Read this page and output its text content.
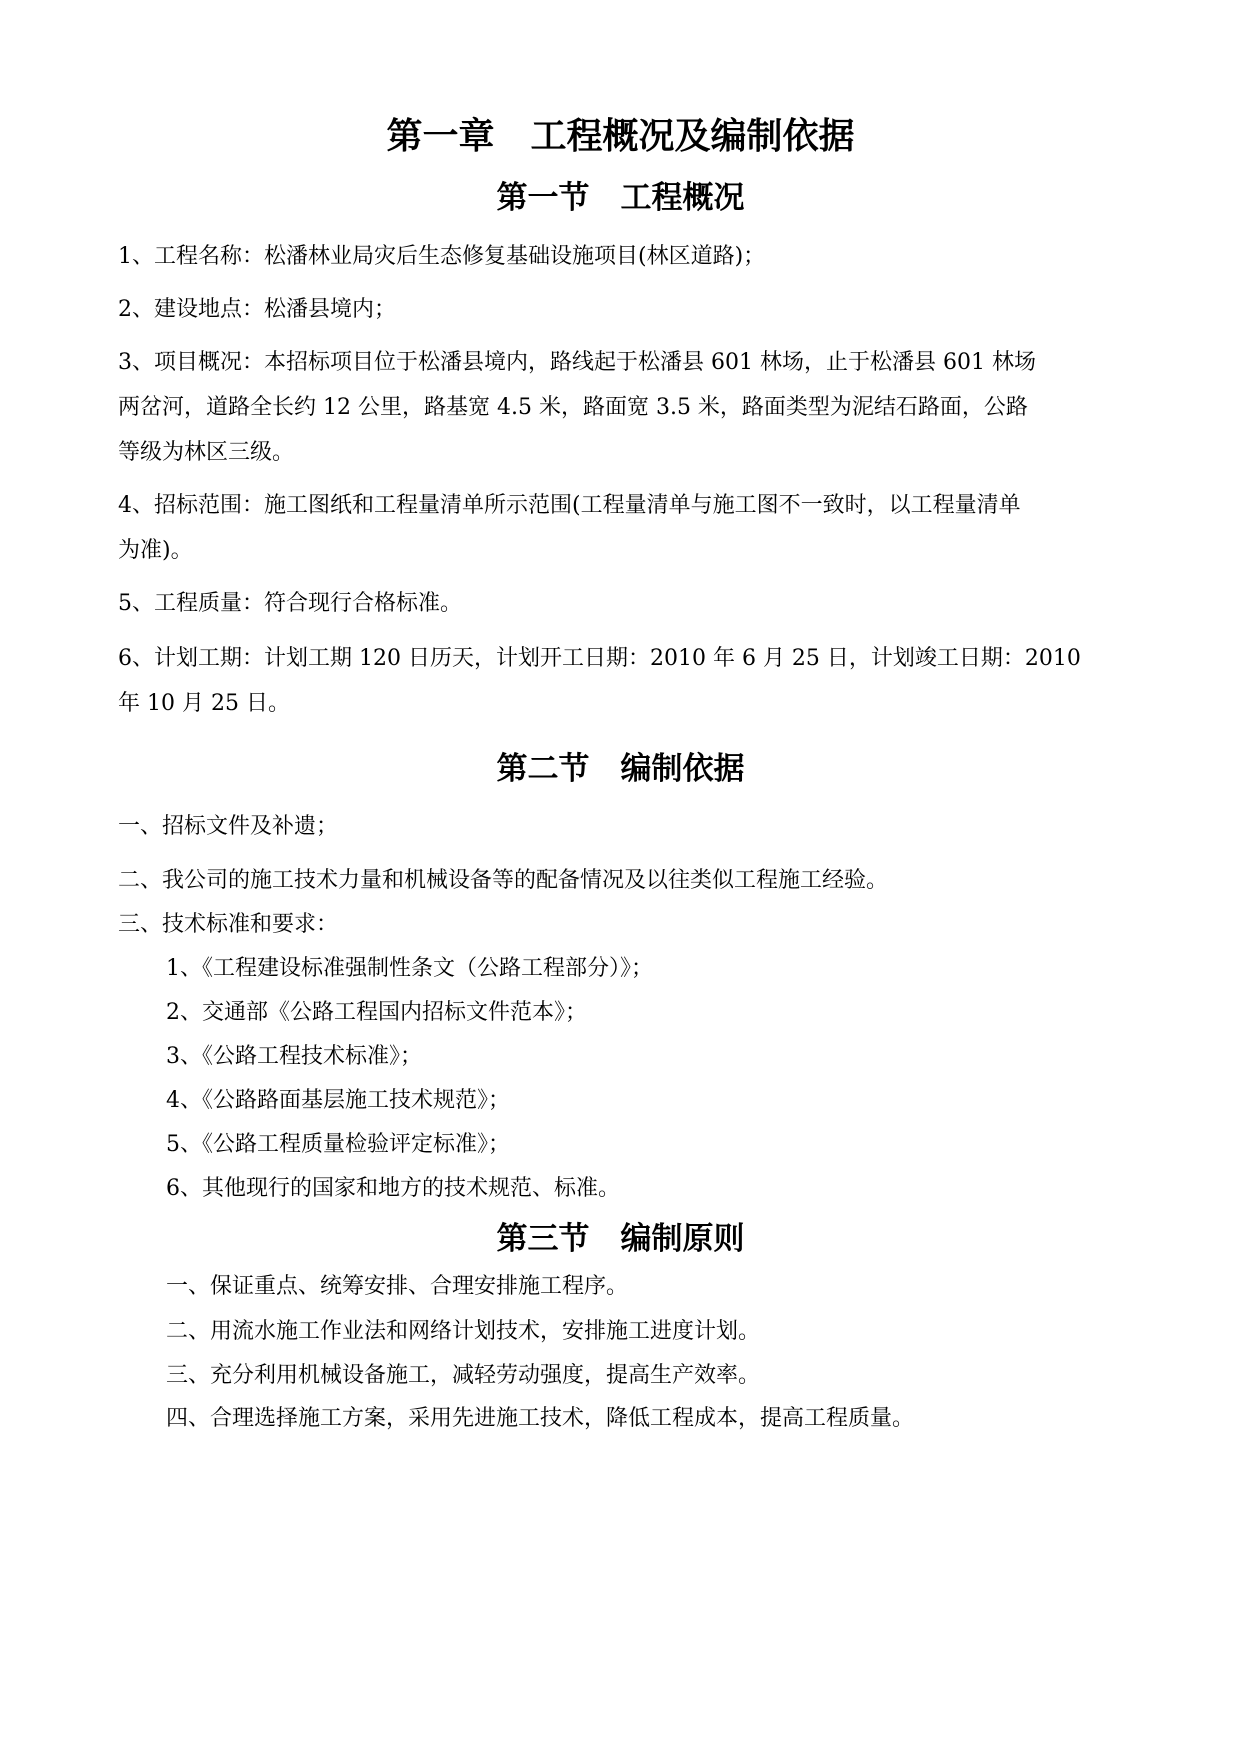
第一章　工程概况及编制依据
第一节　工程概况

1、工程名称：松潘林业局灾后生态修复基础设施项目(林区道路)；

2、建设地点：松潘县境内；

3、项目概况：本招标项目位于松潘县境内，路线起于松潘县 601 林场，止于松潘县 601 林场

两岔河，道路全长约 12 公里，路基宽 4.5 米，路面宽 3.5 米，路面类型为泥结石路面，公路

等级为林区三级。

4、招标范围：施工图纸和工程量清单所示范围(工程量清单与施工图不一致时，以工程量清单

为准)。

5、工程质量：符合现行合格标准。

6、计划工期：计划工期 120 日历天，计划开工日期：2010 年 6 月 25 日，计划竣工日期：2010

年 10 月 25 日。

第二节　编制依据

一、招标文件及补遗；

二、我公司的施工技术力量和机械设备等的配备情况及以往类似工程施工经验。

三、技术标准和要求：

1、《工程建设标准强制性条文（公路工程部分）》；

2、交通部《公路工程国内招标文件范本》；

3、《公路工程技术标准》；

4、《公路路面基层施工技术规范》；

5、《公路工程质量检验评定标准》；

6、其他现行的国家和地方的技术规范、标准。

第三节　编制原则

一、保证重点、统筹安排、合理安排施工程序。

二、用流水施工作业法和网络计划技术，安排施工进度计划。

三、充分利用机械设备施工，减轻劳动强度，提高生产效率。

四、合理选择施工方案，采用先进施工技术，降低工程成本，提高工程质量。
